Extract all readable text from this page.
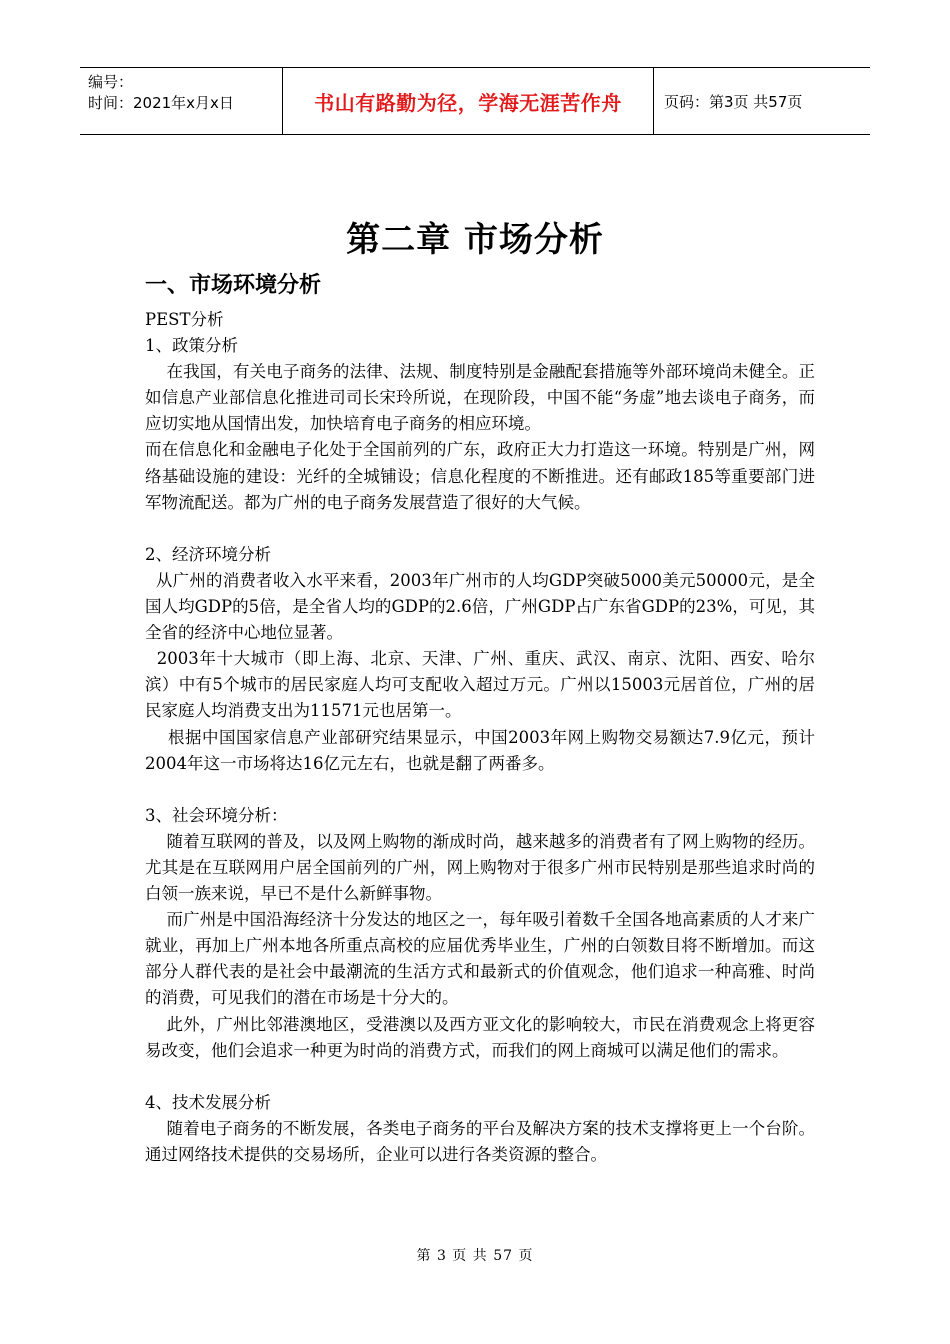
编号：
时间：2021年x月x日	书山有路勤为径，学海无涯苦作舟	页码：第3页 共57页
第二章 市场分析
一、市场环境分析

PEST分析

1、政策分析

在我国，有关电子商务的法律、法规、制度特别是金融配套措施等外部环境尚未健全。正如信息产业部信息化推进司司长宋玲所说，在现阶段，中国不能“务虚”地去谈电子商务，而应切实地从国情出发，加快培育电子商务的相应环境。

而在信息化和金融电子化处于全国前列的广东，政府正大力打造这一环境。特别是广州，网络基础设施的建设：光纤的全城铺设；信息化程度的不断推进。还有邮政185等重要部门进军物流配送。都为广州的电子商务发展营造了很好的大气候。

2、经济环境分析

从广州的消费者收入水平来看，2003年广州市的人均GDP突破5000美元50000元，是全国人均GDP的5倍，是全省人均的GDP的2.6倍，广州GDP占广东省GDP的23%，可见，其全省的经济中心地位显著。

2003年十大城市（即上海、北京、天津、广州、重庆、武汉、南京、沈阳、西安、哈尔滨）中有5个城市的居民家庭人均可支配收入超过万元。广州以15003元居首位，广州的居民家庭人均消费支出为11571元也居第一。

根据中国国家信息产业部研究结果显示，中国2003年网上购物交易额达7.9亿元，预计2004年这一市场将达16亿元左右，也就是翻了两番多。

3、社会环境分析：

随着互联网的普及，以及网上购物的渐成时尚，越来越多的消费者有了网上购物的经历。尤其是在互联网用户居全国前列的广州，网上购物对于很多广州市民特别是那些追求时尚的白领一族来说，早已不是什么新鲜事物。

而广州是中国沿海经济十分发达的地区之一，每年吸引着数千全国各地高素质的人才来广就业，再加上广州本地各所重点高校的应届优秀毕业生，广州的白领数目将不断增加。而这部分人群代表的是社会中最潮流的生活方式和最新式的价值观念，他们追求一种高雅、时尚的消费，可见我们的潜在市场是十分大的。

此外，广州比邻港澳地区，受港澳以及西方亚文化的影响较大，市民在消费观念上将更容易改变，他们会追求一种更为时尚的消费方式，而我们的网上商城可以满足他们的需求。

4、技术发展分析

随着电子商务的不断发展，各类电子商务的平台及解决方案的技术支撑将更上一个台阶。通过网络技术提供的交易场所，企业可以进行各类资源的整合。

第 3 页 共 57 页
